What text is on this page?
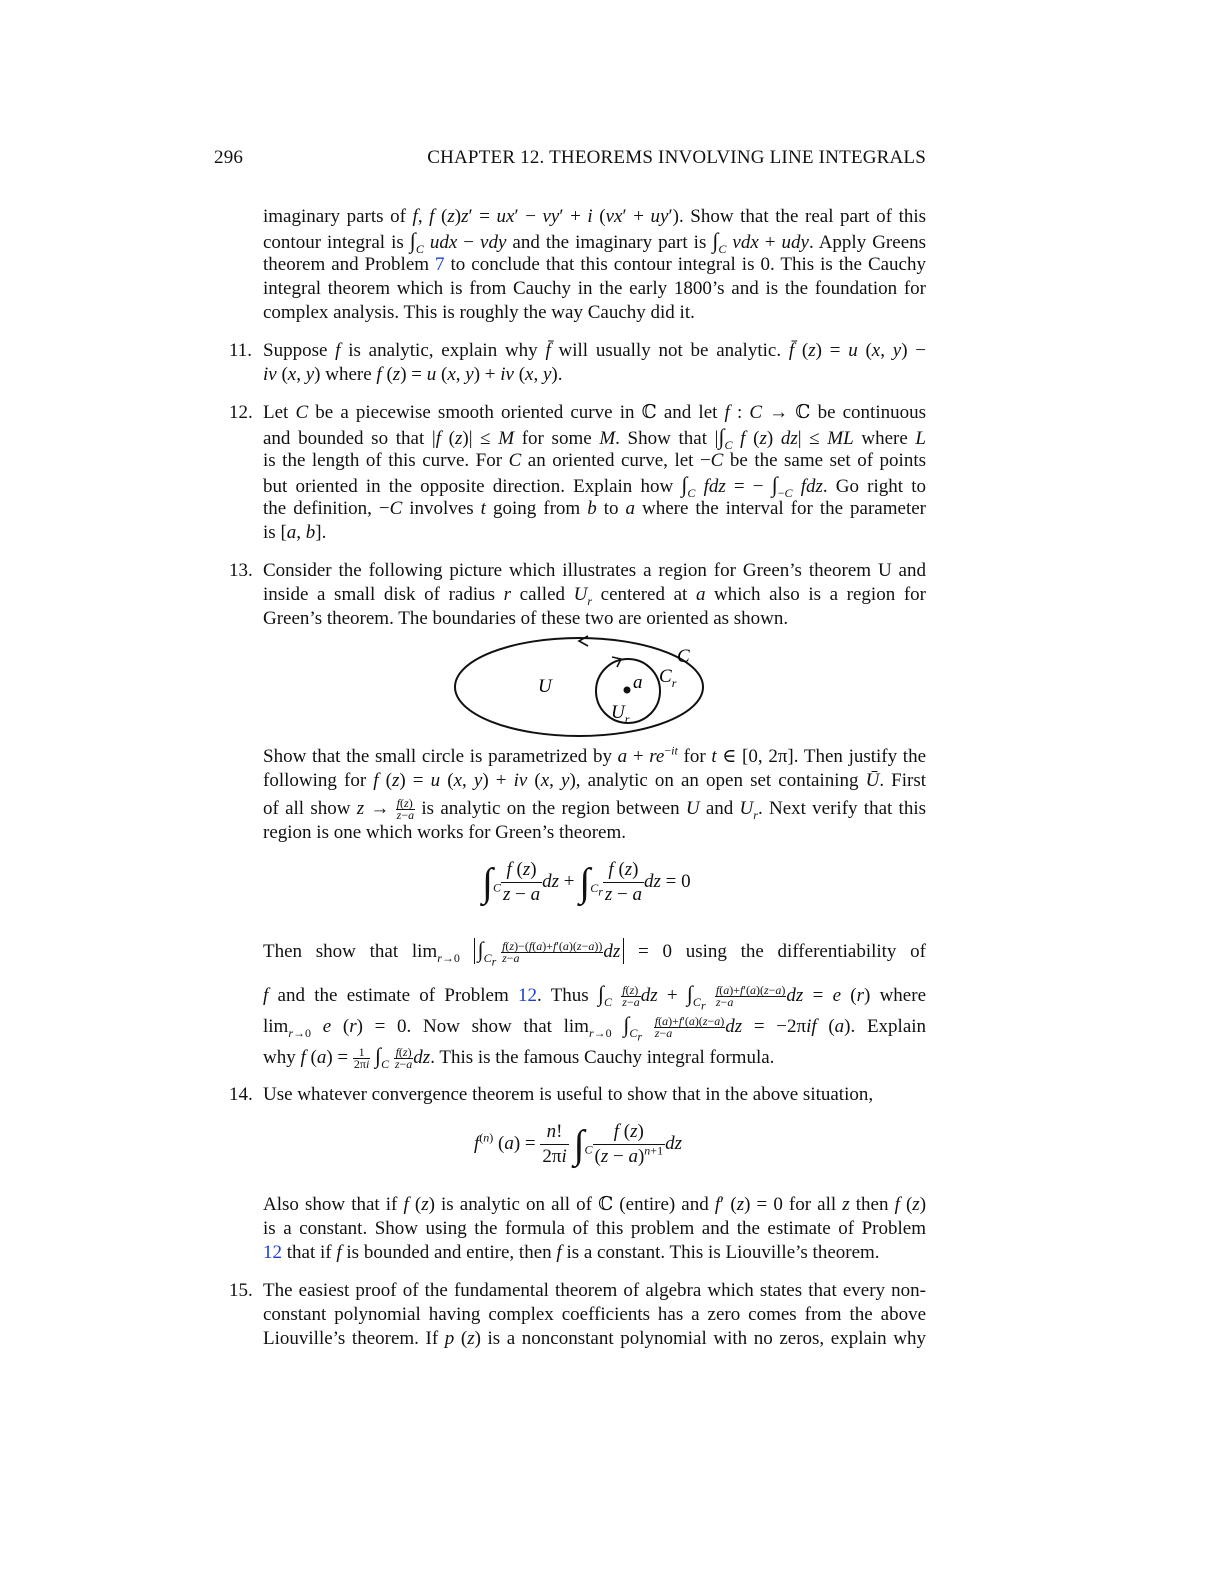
296	CHAPTER 12. THEOREMS INVOLVING LINE INTEGRALS
imaginary parts of f, f (z)z′ = ux′ − vy′ + i (vx′ + uy′). Show that the real part of this
contour integral is $\int_C$ udx − vdy and the imaginary part is $\int_C$ vdx + udy. Apply Greens
theorem and Problem 7 to conclude that this contour integral is 0. This is the Cauchy
integral theorem which is from Cauchy in the early 1800’s and is the foundation for
complex analysis. This is roughly the way Cauchy did it.
11. Suppose f is analytic, explain why f̄ will usually not be analytic. f̄ (z) = u (x, y) −
iv (x, y) where f (z) = u (x, y) + iv (x, y).
12. Let C be a piecewise smooth oriented curve in ℂ and let f : C → ℂ be continuous
and bounded so that |f (z)| ≤ M for some M. Show that $|\int_C$ f (z) dz| ≤ ML where L
is the length of this curve. For C an oriented curve, let −C be the same set of points
but oriented in the opposite direction. Explain how $\int_C$ fdz = − $\int_{-C}$ fdz. Go right to
the definition, −C involves t going from b to a where the interval for the parameter
is [a, b].
13. Consider the following picture which illustrates a region for Green’s theorem U and
inside a small disk of radius r called $U_r$ centered at a which also is a region for
Green’s theorem. The boundaries of these two are oriented as shown.
C
U	a $C_r$
$U_r$
Show that the small circle is parametrized by $a + re^{-it}$ for t ∈ [0, 2π]. Then justify the
following for f (z) = u (x, y) + iv (x, y), analytic on an open set containing Ū. First
of all show $z \to \frac{f(z)}{z-a}$ is analytic on the region between U and $U_r$. Next verify that this
region is one which works for Green’s theorem.
$\int_C \frac{f (z)}{z - a}$ dz + $\int_{C_r} \frac{f (z)}{z - a}$ dz = 0
Then show that $\lim_{r\to 0} \int_{C_r} \frac{f(z)-(f(a)+f'(a)(z-a))}{z-a}$ dz = 0 using the differentiability of
f and the estimate of Problem 12. Thus $\int_C \frac{f(z)}{z-a}$ dz + $\int_{C_r} \frac{f(a)+f'(a)(z-a)}{z-a}$ dz = e (r) where
$\lim_{r\to 0} e$ (r) = 0. Now show that $\lim_{r\to 0} \int_{C_r} \frac{f(a)+f'(a)(z-a)}{z-a}$ dz = −2πif (a). Explain
why f $(a) = \frac{1}{2\pi i} \int_C \frac{f(z)}{z-a}$ dz. This is the famous Cauchy integral formula.
14. Use whatever convergence theorem is useful to show that in the above situation,
$f^{(n)}$ $(a) = \frac{n!}{2\pi i} \int_C \frac{f (z)}{(z - a)^{n+1}}$ dz
Also show that if f (z) is analytic on all of ℂ (entire) and f′ (z) = 0 for all z then f (z)
is a constant. Show using the formula of this problem and the estimate of Problem
12 that if f is bounded and entire, then f is a constant. This is Liouville’s theorem.
15. The easiest proof of the fundamental theorem of algebra which states that every non-
constant polynomial having complex coefficients has a zero comes from the above
Liouville’s theorem. If p (z) is a nonconstant polynomial with no zeros, explain why
